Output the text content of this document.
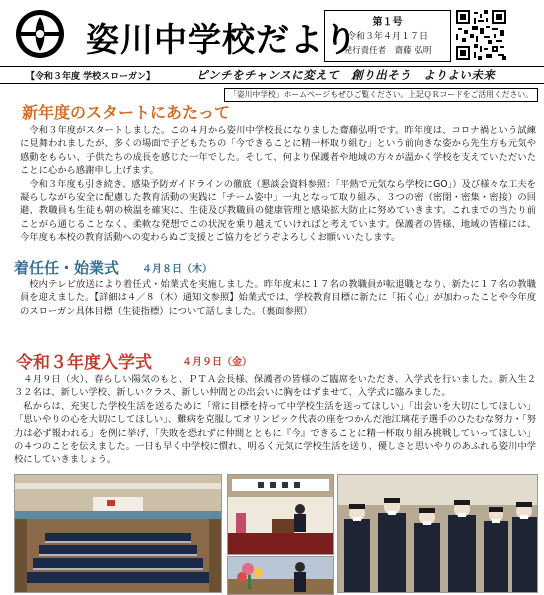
姿川中学校だより	第１号
令和３年４月１７日
発行責任者　齋藤 弘明
【令和３年度 学校スローガン】	ピンチをチャンスに変えて　創り出そう　よりよい未来
「姿川中学校」ホームページもぜひご覧ください。上記ＱＲコードをご活用ください。
新年度のスタートにあたって
令和３年度がスタートしました。この４月から姿川中学校長になりました齋藤弘明です。昨年度は、コロナ禍という試練に見舞われましたが、多くの場面で子どもたちの「今できることに精一杯取り組む」という前向きな姿から先生方も元気や感動をもらい、子供たちの成長を感じた一年でした。そして、何より保護者や地域の方々が温かく学校を支えていただいたことに心から感謝申し上げます。
令和３年度も引き続き、感染予防ガイドラインの徹底（懇談会資料参照：「平熱で元気なら学校にGO」）及び様々な工夫を凝らしながら安全に配慮した教育活動の実践に「チーム姿中」一丸となって取り組み、３つの密（密閉・密集・密接）の回避、教職員も生徒も朝の検温を確実に、生徒及び教職員の健康管理と感染拡大防止に努めていきます。これまでの当たり前ことがら通じることなく、柔軟な発想でこの状況を乗り越えていければと考えています。保護者の皆様、地域の皆様には、今年度も本校の教育活動への変わらぬご支援とご協力をどうぞよろしくお願いいたします。
着任任・始業式 ４月８日（木）
校内テレビ放送により着任式・始業式を実施しました。昨年度末に１７名の教職員が転退職となり、新たに１７名の教職員を迎えました。【詳細は４／８（木）通知文参照】始業式では、学校教育目標に新たに「拓く心」が加わったことや今年度のスローガン具体目標（生徒指標）について話しました。（裏面参照）
令和３年度入学式	４月９日（金）
４月９日（火）、春らしい陽気のもと、ＰＴＡ会長様、保護者の皆様のご臨席をいただき、入学式を行いました。新入生２３２名は、新しい学校、新しいクラス、新しい仲間との出会いに胸をはずませて、入学式に臨みました。
私からは、充実した学校生活を送るために「常に目標を持って中学校生活を送ってほしい」「出会いを大切にしてほしい」「思いやりの心を大切にしてほしい」、難病を克服してオリンピック代表の座をつかんだ池江璃花子選手のひたむな努力・「努力は必ず報われる」を例に挙げ、「失敗を恐れずに仲間とともに『今』できることに精一杯取り組み挑戦していってほしい」の４つのことを伝えました。一日も早く中学校に慣れ、明るく元気に学校生活を送り、優しさと思いやりのあふれる姿川中学校にしていきましょう。
